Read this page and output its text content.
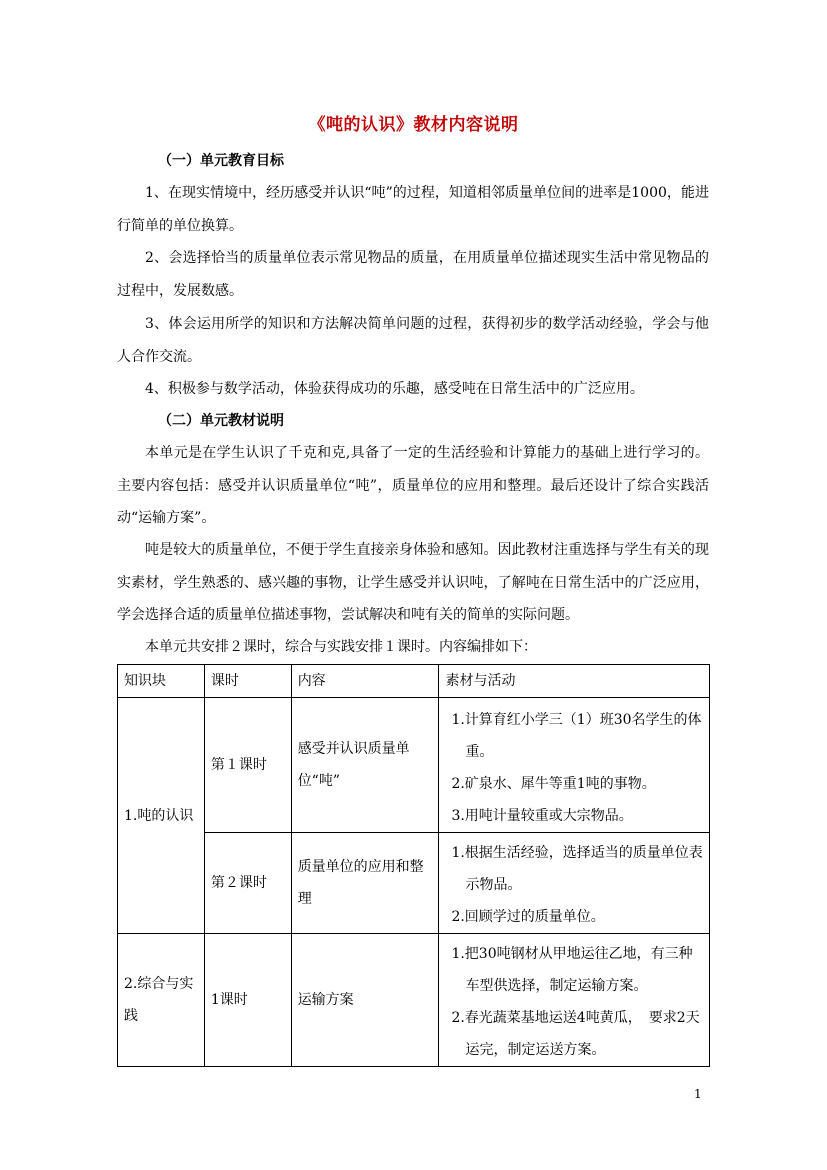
《吨的认识》教材内容说明
（一）单元教育目标
1、在现实情境中，经历感受并认识“吨”的过程，知道相邻质量单位间的进率是1000，能进行简单的单位换算。
2、会选择恰当的质量单位表示常见物品的质量，在用质量单位描述现实生活中常见物品的过程中，发展数感。
3、体会运用所学的知识和方法解决简单问题的过程，获得初步的数学活动经验，学会与他人合作交流。
4、积极参与数学活动，体验获得成功的乐趣，感受吨在日常生活中的广泛应用。
（二）单元教材说明
本单元是在学生认识了千克和克,具备了一定的生活经验和计算能力的基础上进行学习的。主要内容包括：感受并认识质量单位“吨”，质量单位的应用和整理。最后还设计了综合实践活动“运输方案”。
吨是较大的质量单位，不便于学生直接亲身体验和感知。因此教材注重选择与学生有关的现实素材，学生熟悉的、感兴趣的事物，让学生感受并认识吨，了解吨在日常生活中的广泛应用，学会选择合适的质量单位描述事物，尝试解决和吨有关的简单的实际问题。
本单元共安排２课时，综合与实践安排１课时。内容编排如下：
知识块	课时	内容	素材与活动
1.吨的认识	第１课时	感受并认识质量单位“吨”	1.计算育红小学三（1）班30名学生的体重。
2.矿泉水、犀牛等重1吨的事物。
3.用吨计量较重或大宗物品。

	第２课时	质量单位的应用和整理	1.根据生活经验，选择适当的质量单位表示物品。
2.回顾学过的质量单位。

2.综合与实践	1课时	运输方案	1.把30吨钢材从甲地运往乙地，有三种车型供选择，制定运输方案。
2.春光蔬菜基地运送4吨黄瓜，　要求2天运完，制定运送方案。
1
